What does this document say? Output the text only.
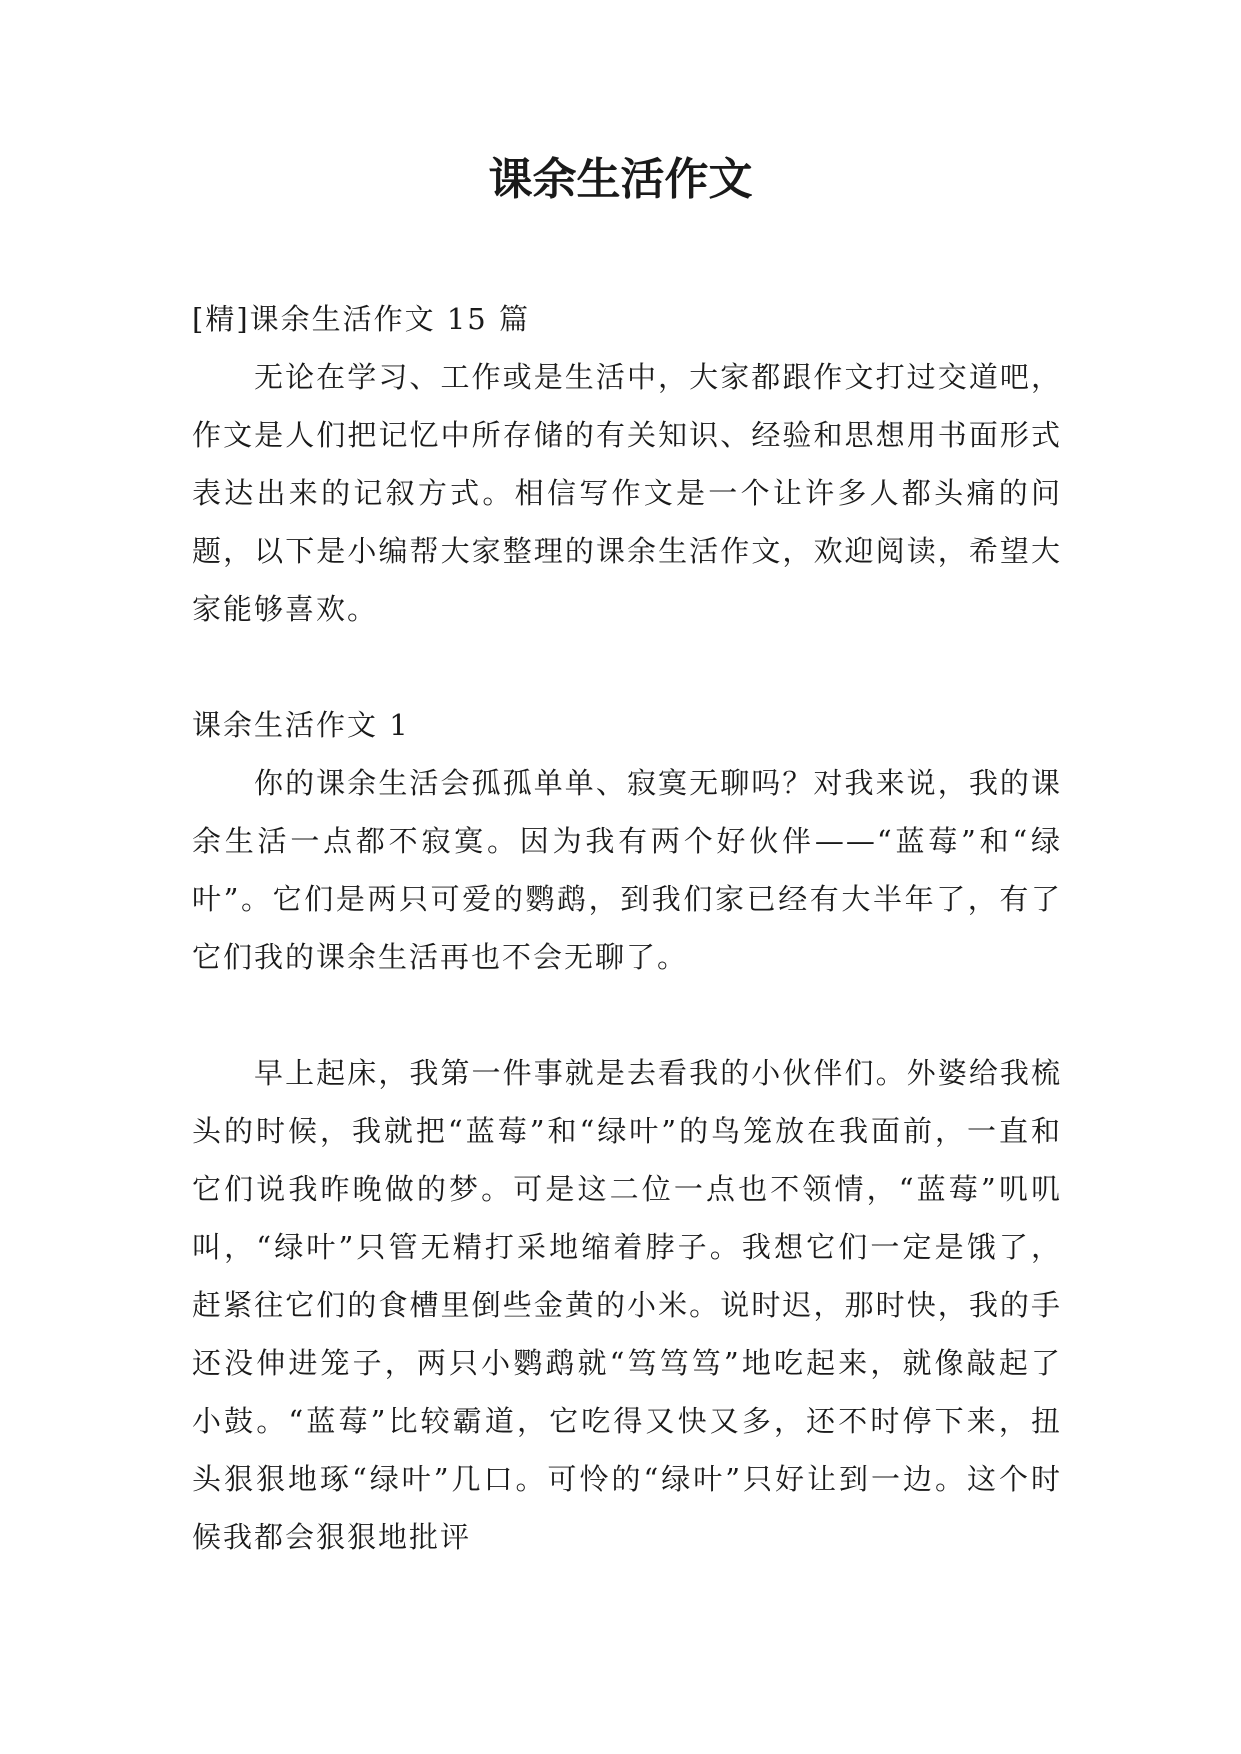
课余生活作文

[精]课余生活作文 15 篇

无论在学习、工作或是生活中，大家都跟作文打过交道吧，作文是人们把记忆中所存储的有关知识、经验和思想用书面形式表达出来的记叙方式。相信写作文是一个让许多人都头痛的问题，以下是小编帮大家整理的课余生活作文，欢迎阅读，希望大家能够喜欢。

课余生活作文 1

你的课余生活会孤孤单单、寂寞无聊吗？对我来说，我的课余生活一点都不寂寞。因为我有两个好伙伴——“蓝莓”和“绿叶”。它们是两只可爱的鹦鹉，到我们家已经有大半年了，有了它们我的课余生活再也不会无聊了。

早上起床，我第一件事就是去看我的小伙伴们。外婆给我梳头的时候，我就把“蓝莓”和“绿叶”的鸟笼放在我面前，一直和它们说我昨晚做的梦。可是这二位一点也不领情，“蓝莓”叽叽叫，“绿叶”只管无精打采地缩着脖子。我想它们一定是饿了，赶紧往它们的食槽里倒些金黄的小米。说时迟，那时快，我的手还没伸进笼子，两只小鹦鹉就“笃笃笃”地吃起来，就像敲起了小鼓。“蓝莓”比较霸道，它吃得又快又多，还不时停下来，扭头狠狠地琢“绿叶”几口。可怜的“绿叶”只好让到一边。这个时候我都会狠狠地批评
